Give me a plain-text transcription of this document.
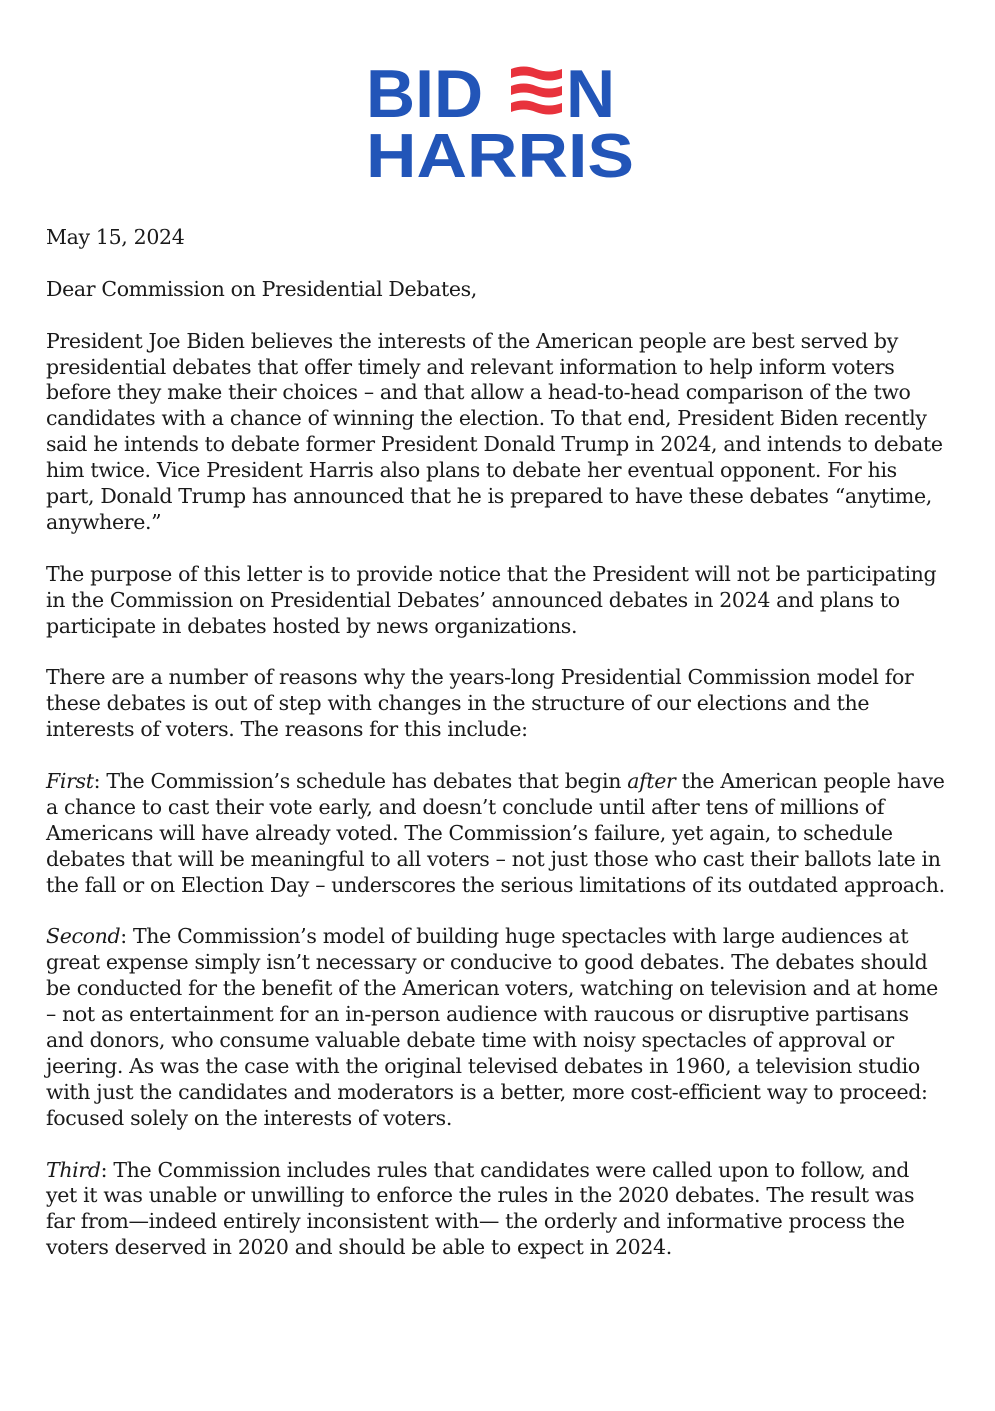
BID N
HARRIS

May 15, 2024

Dear Commission on Presidential Debates,

President Joe Biden believes the interests of the American people are best served by presidential debates that offer timely and relevant information to help inform voters before they make their choices – and that allow a head-to-head comparison of the two candidates with a chance of winning the election. To that end, President Biden recently said he intends to debate former President Donald Trump in 2024, and intends to debate him twice. Vice President Harris also plans to debate her eventual opponent. For his part, Donald Trump has announced that he is prepared to have these debates “anytime, anywhere.”

The purpose of this letter is to provide notice that the President will not be participating in the Commission on Presidential Debates’ announced debates in 2024 and plans to participate in debates hosted by news organizations.

There are a number of reasons why the years-long Presidential Commission model for these debates is out of step with changes in the structure of our elections and the interests of voters. The reasons for this include:

First: The Commission’s schedule has debates that begin after the American people have a chance to cast their vote early, and doesn’t conclude until after tens of millions of Americans will have already voted. The Commission’s failure, yet again, to schedule debates that will be meaningful to all voters – not just those who cast their ballots late in the fall or on Election Day – underscores the serious limitations of its outdated approach.

Second: The Commission’s model of building huge spectacles with large audiences at great expense simply isn’t necessary or conducive to good debates. The debates should be conducted for the benefit of the American voters, watching on television and at home – not as entertainment for an in-person audience with raucous or disruptive partisans and donors, who consume valuable debate time with noisy spectacles of approval or jeering. As was the case with the original televised debates in 1960, a television studio with just the candidates and moderators is a better, more cost-efficient way to proceed: focused solely on the interests of voters.

Third: The Commission includes rules that candidates were called upon to follow, and yet it was unable or unwilling to enforce the rules in the 2020 debates. The result was far from—indeed entirely inconsistent with— the orderly and informative process the voters deserved in 2020 and should be able to expect in 2024.
